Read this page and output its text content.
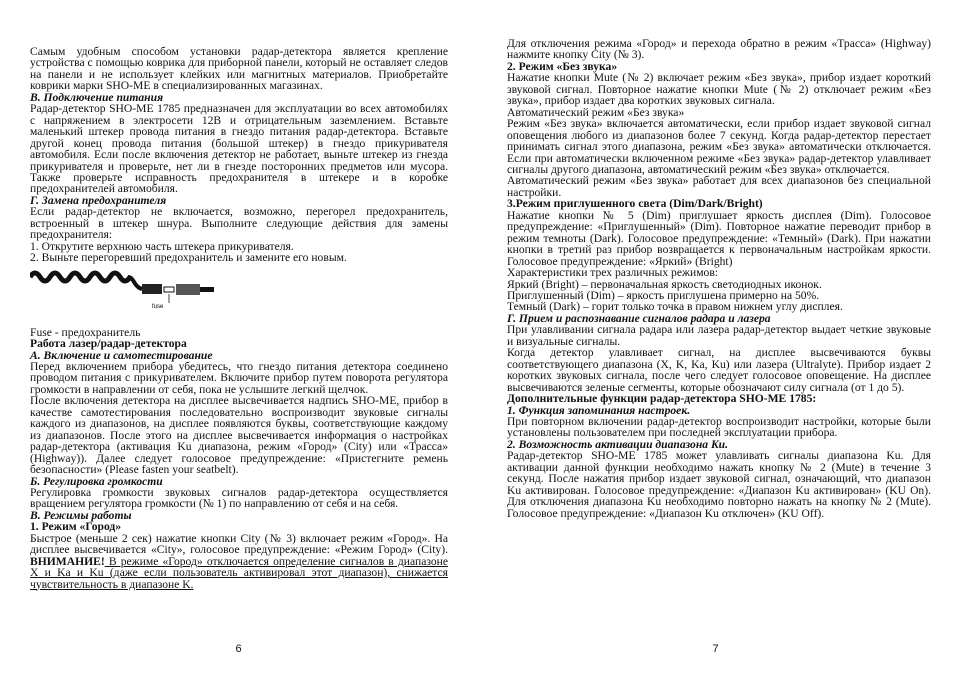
Самым удобным способом установки радар-детектора является крепление устройства с помощью коврика для приборной панели, который не оставляет следов на панели и не использует клейких или магнитных материалов. Приобретайте коврики марки SHO-ME в специализированных магазинах.

В. Подключение питания

Радар-детектор SHO-ME 1785 предназначен для эксплуатации во всех автомобилях с напряжением в электросети 12В и отрицательным заземлением. Вставьте маленький штекер провода питания в гнездо питания радар-детектора. Вставьте другой конец провода питания (большой штекер) в гнездо прикуривателя автомобиля. Если после включения детектор не работает, выньте штекер из гнезда прикуривателя и проверьте, нет ли в гнезде посторонних предметов или мусора. Также проверьте исправность предохранителя в штекере и в коробке предохранителей автомобиля.

Г. Замена предохранителя

Если радар-детектор не включается, возможно, перегорел предохранитель, встроенный в штекер шнура. Выполните следующие действия для замены предохранителя:

1. Открутите верхнюю часть штекера прикуривателя.

2. Выньте перегоревший предохранитель и замените его новым.

fuse

Fuse - предохранитель

Работа лазер/радар-детектора

А. Включение и самотестирование

Перед включением прибора убедитесь, что гнездо питания детектора соединено проводом питания с прикуривателем. Включите прибор путем поворота регулятора громкости в направлении от себя, пока не услышите легкий щелчок.

После включения детектора на дисплее высвечивается надпись SHO-ME, прибор в качестве самотестирования последовательно воспроизводит звуковые сигналы каждого из диапазонов, на дисплее появляются буквы, соответствующие каждому из диапазонов. После этого на дисплее высвечивается информация о настройках радар-детектора (активация Ku диапазона, режим «Город» (City) или «Трасса» (Highway)). Далее следует голосовое предупреждение: «Пристегните ремень безопасности» (Please fasten your seatbelt).

Б. Регулировка громкости

Регулировка громкости звуковых сигналов радар-детектора осуществляется вращением регулятора громкости (№ 1) по направлению от себя и на себя.

В. Режимы работы

1. Режим «Город»

Быстрое (меньше 2 сек) нажатие кнопки City (№ 3) включает режим «Город». На дисплее высвечивается «City», голосовое предупреждение: «Режим Город» (City). ВНИМАНИЕ! В режиме «Город» отключается определение сигналов в диапазоне X и Ka и Ku (даже если пользователь активировал этот диапазон), снижается чувствительность в диапазоне K.

6

Для отключения режима «Город» и перехода обратно в режим «Трасса» (Highway) нажмите кнопку City (№ 3).

2. Режим «Без звука»

Нажатие кнопки Mute (№ 2) включает режим «Без звука», прибор издает короткий звуковой сигнал. Повторное нажатие кнопки Mute (№ 2) отключает режим «Без звука», прибор издает два коротких звуковых сигнала.

Автоматический режим «Без звука»

Режим «Без звука» включается автоматически, если прибор издает звуковой сигнал оповещения любого из диапазонов более 7 секунд. Когда радар-детектор перестает принимать сигнал этого диапазона, режим «Без звука» автоматически отключается. Если при автоматически включенном режиме «Без звука» радар-детектор улавливает сигналы другого диапазона, автоматический режим «Без звука» отключается.

Автоматический режим «Без звука» работает для всех диапазонов без специальной настройки.

3.Режим приглушенного света (Dim/Dark/Bright)

Нажатие кнопки № 5 (Dim) приглушает яркость дисплея (Dim). Голосовое предупреждение: «Приглушенный» (Dim). Повторное нажатие переводит прибор в режим темноты (Dark). Голосовое предупреждение: «Темный» (Dark). При нажатии кнопки в третий раз прибор возвращается к первоначальным настройкам яркости. Голосовое предупреждение: «Яркий» (Bright)

Характеристики трех различных режимов:

Яркий (Bright) – первоначальная яркость светодиодных иконок.

Приглушенный (Dim) – яркость приглушена примерно на 50%.

Темный (Dark) – горит только точка в правом нижнем углу дисплея.

Г. Прием и распознавание сигналов радара и лазера

При улавливании сигнала радара или лазера радар-детектор выдает четкие звуковые и визуальные сигналы.

Когда детектор улавливает сигнал, на дисплее высвечиваются буквы соответствующего диапазона (X, K, Ka, Ku) или лазера (Ultralyte). Прибор издает 2 коротких звуковых сигнала, после чего следует голосовое оповещение. На дисплее высвечиваются зеленые сегменты, которые обозначают силу сигнала (от 1 до 5).

Дополнительные функции радар-детектора SHO-ME 1785:

1. Функция запоминания настроек.

При повторном включении радар-детектор воспроизводит настройки, которые были установлены пользователем при последней эксплуатации прибора.

2. Возможность активации диапазона Ku.

Радар-детектор SHO-ME 1785 может улавливать сигналы диапазона Ku. Для активации данной функции необходимо нажать кнопку № 2 (Mute) в течение 3 секунд. После нажатия прибор издает звуковой сигнал, означающий, что диапазон Ku активирован. Голосовое предупреждение: «Диапазон Ku активирован» (KU On). Для отключения диапазона Ku необходимо повторно нажать на кнопку № 2 (Mute). Голосовое предупреждение: «Диапазон Ku отключен» (KU Off).

7
